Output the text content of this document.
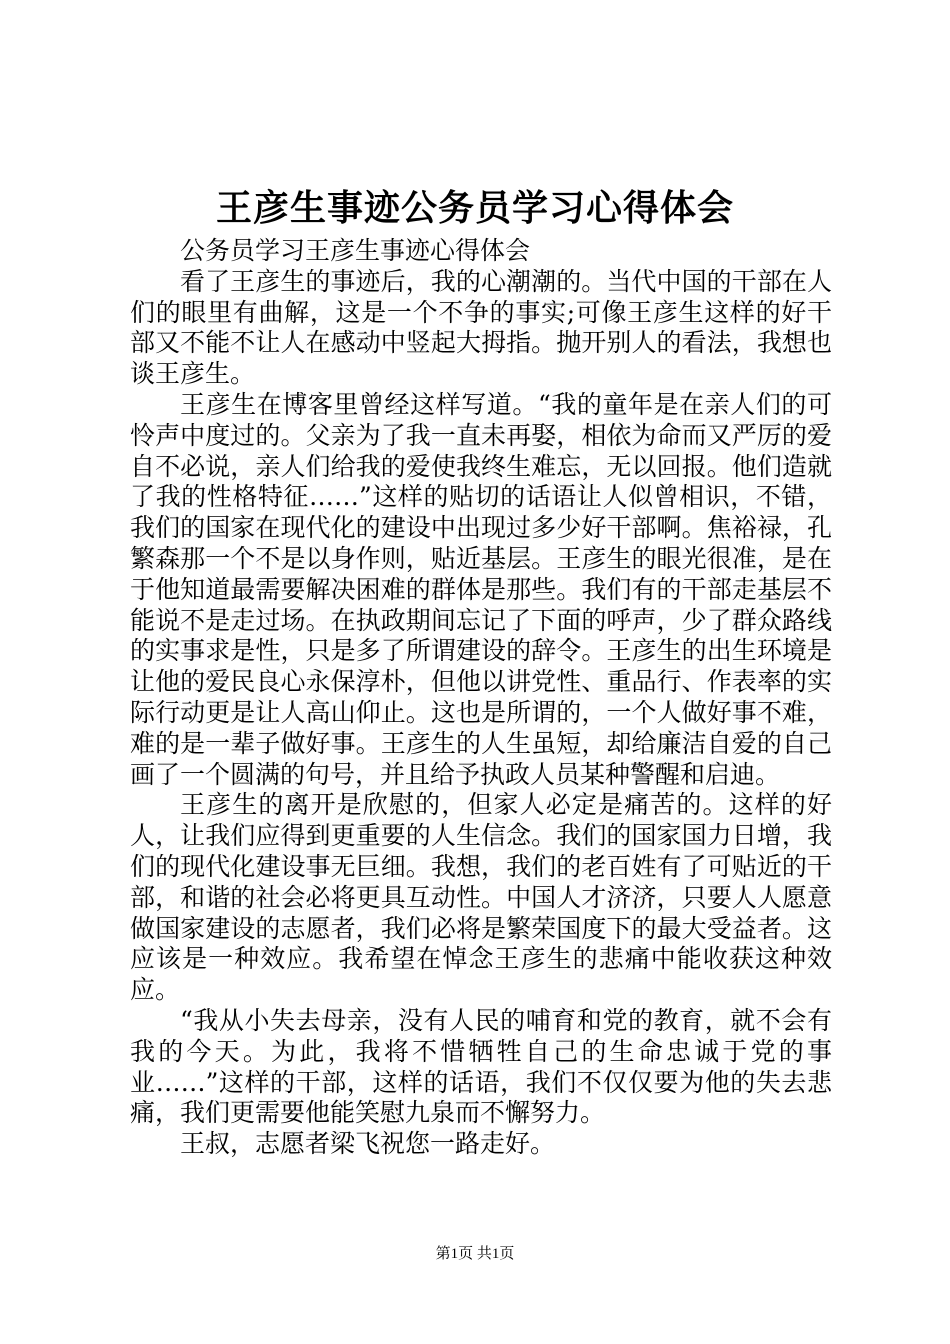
王彦生事迹公务员学习心得体会

公务员学习王彦生事迹心得体会

看了王彦生的事迹后，我的心潮潮的。当代中国的干部在人们的眼里有曲解，这是一个不争的事实;可像王彦生这样的好干部又不能不让人在感动中竖起大拇指。抛开别人的看法，我想也谈王彦生。

王彦生在博客里曾经这样写道。“我的童年是在亲人们的可怜声中度过的。父亲为了我一直未再娶，相依为命而又严厉的爱自不必说，亲人们给我的爱使我终生难忘，无以回报。他们造就了我的性格特征……”这样的贴切的话语让人似曾相识，不错，我们的国家在现代化的建设中出现过多少好干部啊。焦裕禄，孔繁森那一个不是以身作则，贴近基层。王彦生的眼光很准，是在于他知道最需要解决困难的群体是那些。我们有的干部走基层不能说不是走过场。在执政期间忘记了下面的呼声，少了群众路线的实事求是性，只是多了所谓建设的辞令。王彦生的出生环境是让他的爱民良心永保淳朴，但他以讲党性、重品行、作表率的实际行动更是让人高山仰止。这也是所谓的，一个人做好事不难，难的是一辈子做好事。王彦生的人生虽短，却给廉洁自爱的自己画了一个圆满的句号，并且给予执政人员某种警醒和启迪。

王彦生的离开是欣慰的，但家人必定是痛苦的。这样的好人，让我们应得到更重要的人生信念。我们的国家国力日增，我们的现代化建设事无巨细。我想，我们的老百姓有了可贴近的干部，和谐的社会必将更具互动性。中国人才济济，只要人人愿意做国家建设的志愿者，我们必将是繁荣国度下的最大受益者。这应该是一种效应。我希望在悼念王彦生的悲痛中能收获这种效应。

“我从小失去母亲，没有人民的哺育和党的教育，就不会有我的今天。为此，我将不惜牺牲自己的生命忠诚于党的事业……”这样的干部，这样的话语，我们不仅仅要为他的失去悲痛，我们更需要他能笑慰九泉而不懈努力。

王叔，志愿者梁飞祝您一路走好。

第1页 共1页
